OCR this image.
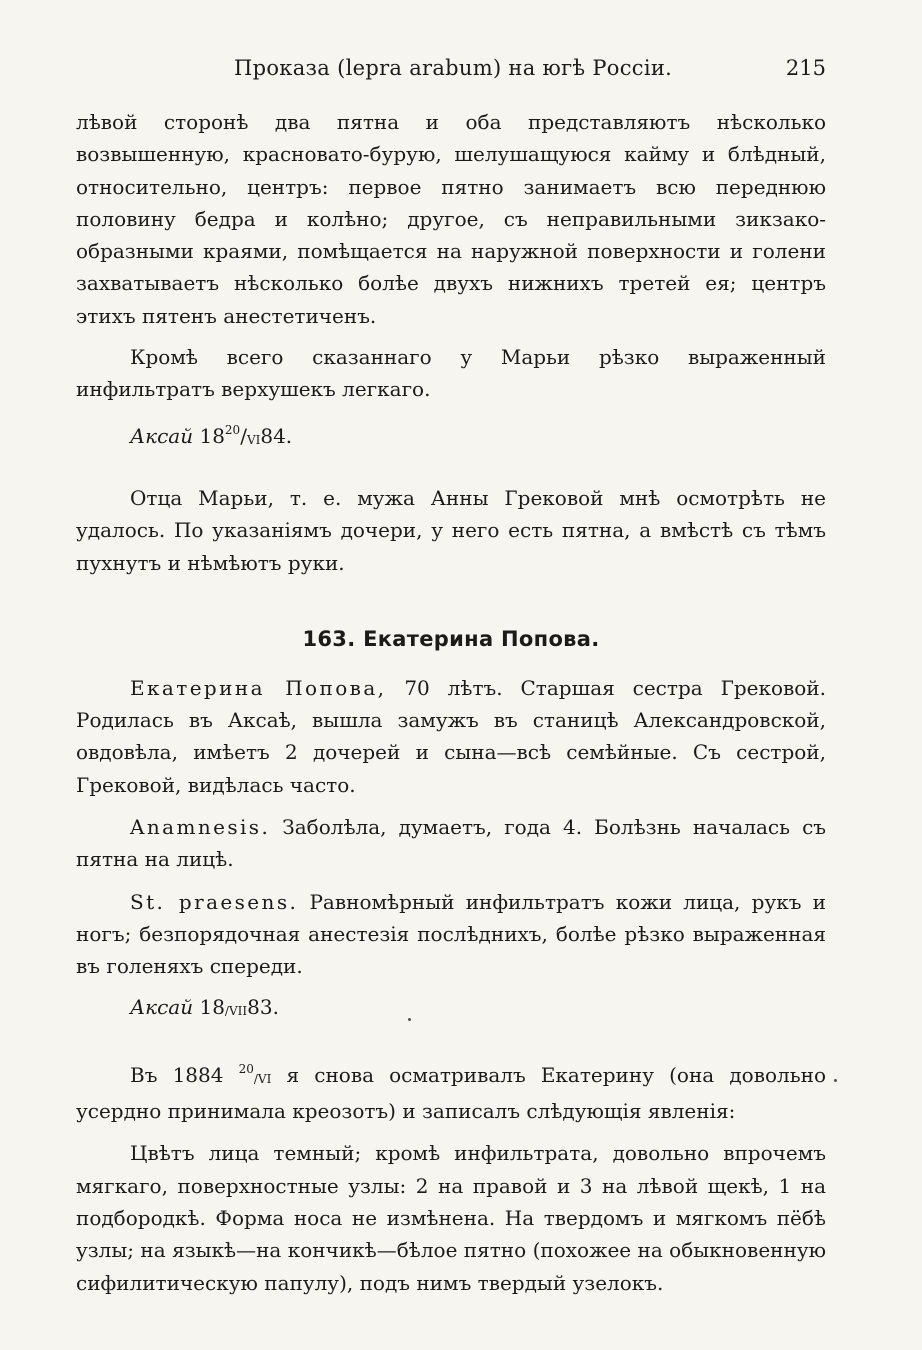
Проказа (lepra arabum) на югѣ Россіи.	215

лѣвой сторонѣ два пятна и оба представляютъ нѣсколько возвышенную, красновато-бурую, шелушащуюся кайму и блѣдный, относительно, центръ: первое пятно занимаетъ всю переднюю половину бедра и колѣно; другое, съ неправильными зикзако-образными краями, помѣщается на наружной поверхности и голени захватываетъ нѣсколько болѣе двухъ нижнихъ третей ея; центръ этихъ пятенъ анестетиченъ.

Кромѣ всего сказаннаго у Марьи рѣзко выраженный инфильтратъ верхушекъ легкаго.

Аксай $18^{20}/_{VI}84$.

Отца Марьи, т. е. мужа Анны Грековой мнѣ осмотрѣть не удалось. По указаніямъ дочери, у него есть пятна, а вмѣстѣ съ тѣмъ пухнутъ и нѣмѣютъ руки.

163. Екатерина Попова.

Екатерина Попова, 70 лѣтъ. Старшая сестра Грековой. Родилась въ Аксаѣ, вышла замужъ въ станицѣ Александровской, овдовѣла, имѣетъ 2 дочерей и сына—всѣ семѣйные. Съ сестрой, Грековой, видѣлась часто.

Anamnesis. Заболѣла, думаетъ, года 4. Болѣзнь началась съ пятна на лицѣ.

St. praesens. Равномѣрный инфильтратъ кожи лица, рукъ и ногъ; безпорядочная анестезія послѣднихъ, болѣе рѣзко выраженная въ голеняхъ спереди.

Аксай $18_{/VII}83$.

Въ 1884 $^{20}_{/VI}$ я снова осматривалъ Екатерину (она довольно усердно принимала креозотъ) и записалъ слѣдующія явленія:

Цвѣтъ лица темный; кромѣ инфильтрата, довольно впрочемъ мягкаго, поверхностные узлы: 2 на правой и 3 на лѣвой щекѣ, 1 на подбородкѣ. Форма носа не измѣнена. На твердомъ и мягкомъ пёбѣ узлы; на языкѣ—на кончикѣ—бѣлое пятно (похожее на обыкновенную сифилитическую папулу), подъ нимъ твердый узелокъ.
